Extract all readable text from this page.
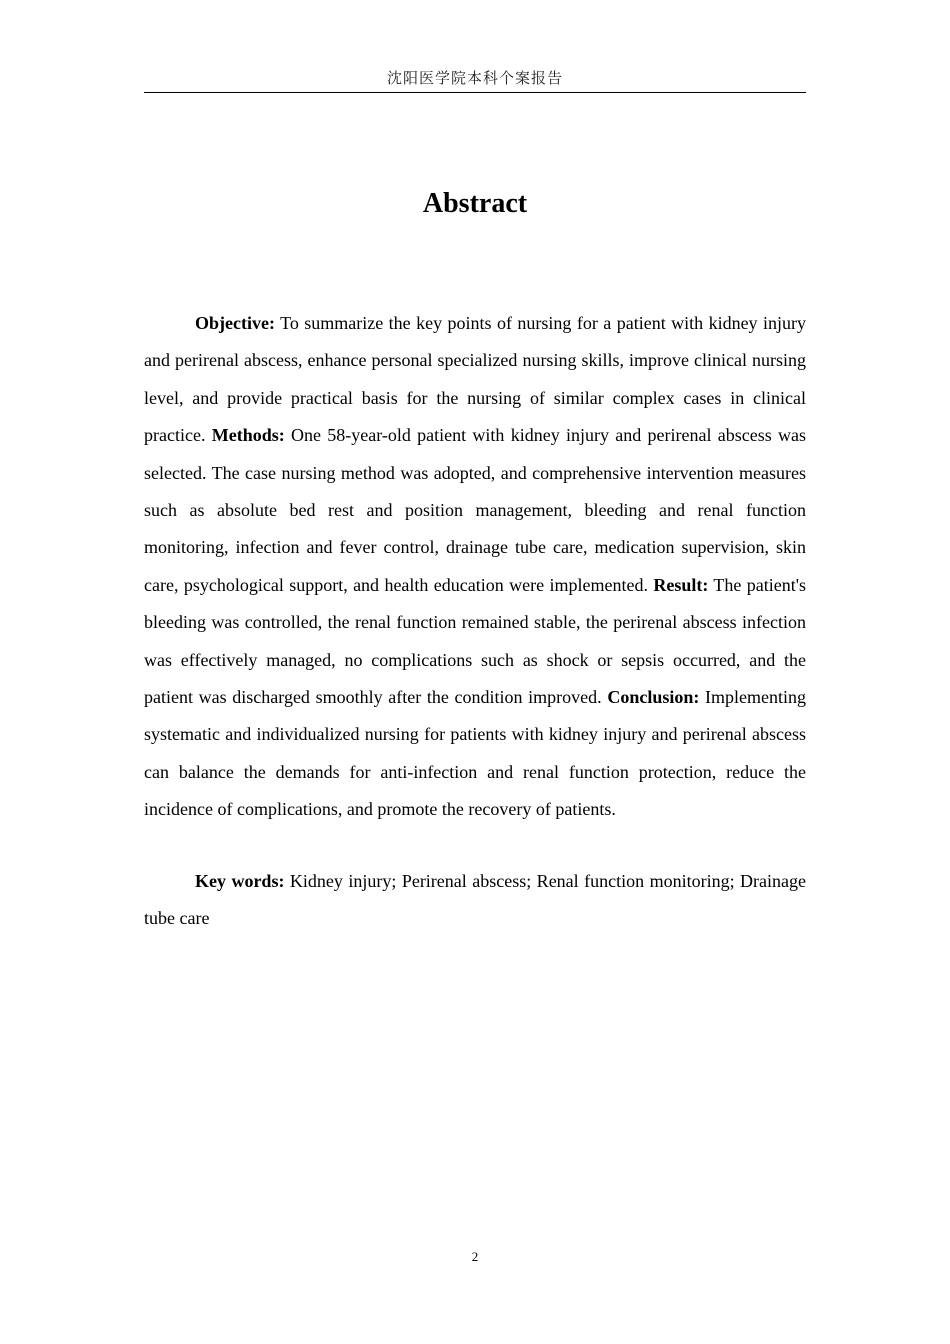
沈阳医学院本科个案报告
Abstract

Objective: To summarize the key points of nursing for a patient with kidney injury and perirenal abscess, enhance personal specialized nursing skills, improve clinical nursing level, and provide practical basis for the nursing of similar complex cases in clinical practice. Methods: One 58-year-old patient with kidney injury and perirenal abscess was selected. The case nursing method was adopted, and comprehensive intervention measures such as absolute bed rest and position management, bleeding and renal function monitoring, infection and fever control, drainage tube care, medication supervision, skin care, psychological support, and health education were implemented. Result: The patient's bleeding was controlled, the renal function remained stable, the perirenal abscess infection was effectively managed, no complications such as shock or sepsis occurred, and the patient was discharged smoothly after the condition improved. Conclusion: Implementing systematic and individualized nursing for patients with kidney injury and perirenal abscess can balance the demands for anti-infection and renal function protection, reduce the incidence of complications, and promote the recovery of patients.

Key words: Kidney injury; Perirenal abscess; Renal function monitoring; Drainage tube care

2
